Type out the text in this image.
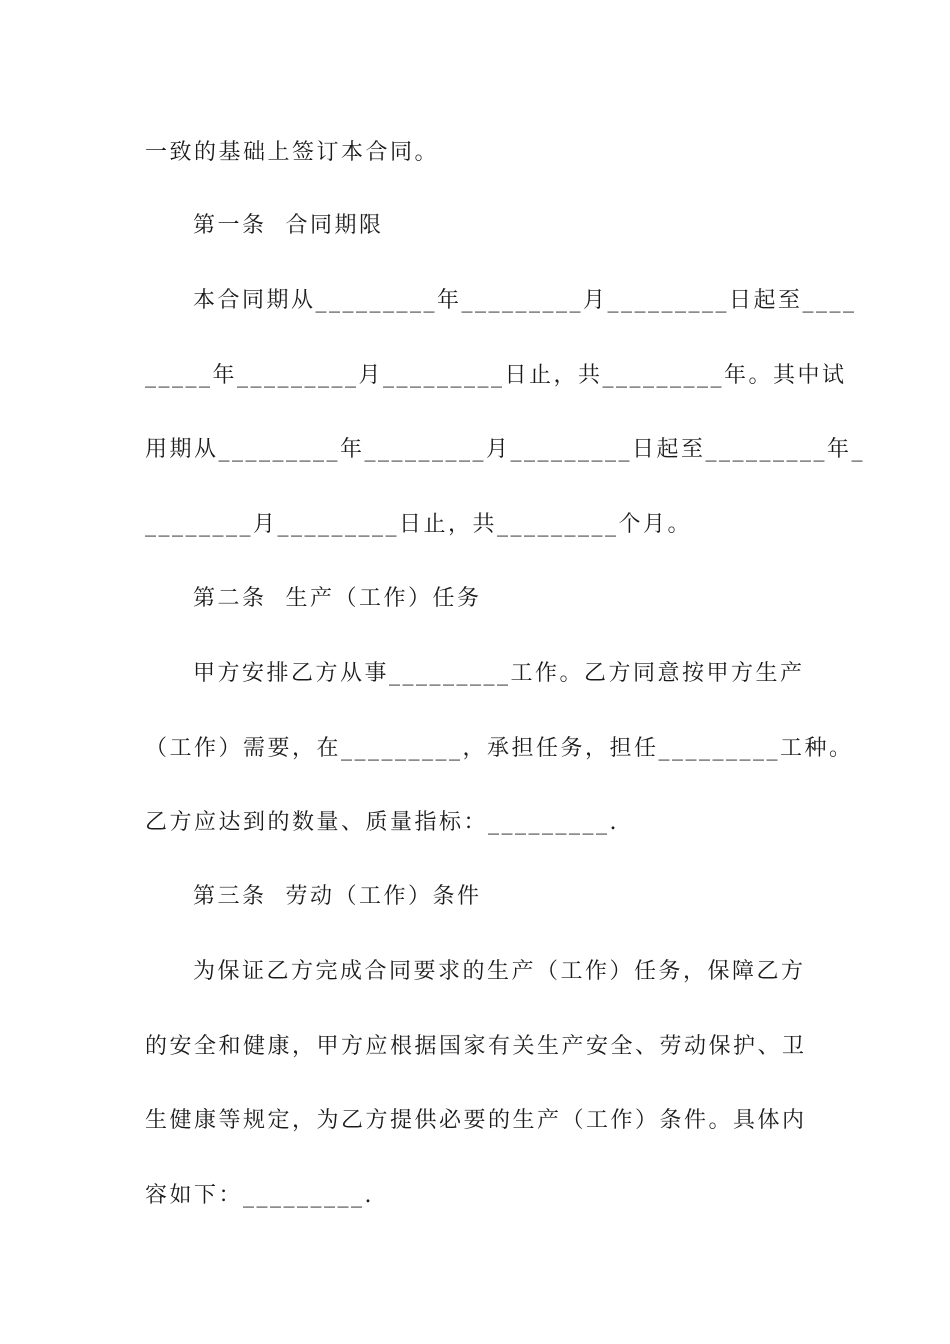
一致的基础上签订本合同。
第一条  合同期限
本合同期从_________年_________月_________日起至____
_____年_________月_________日止，共_________年。其中试
用期从_________年_________月_________日起至_________年_
________月_________日止，共_________个月。
第二条  生产（工作）任务
甲方安排乙方从事_________工作。乙方同意按甲方生产
（工作）需要，在_________，承担任务，担任_________工种。
乙方应达到的数量、质量指标：_________.
第三条  劳动（工作）条件
为保证乙方完成合同要求的生产（工作）任务，保障乙方
的安全和健康，甲方应根据国家有关生产安全、劳动保护、卫
生健康等规定，为乙方提供必要的生产（工作）条件。具体内
容如下：_________.
